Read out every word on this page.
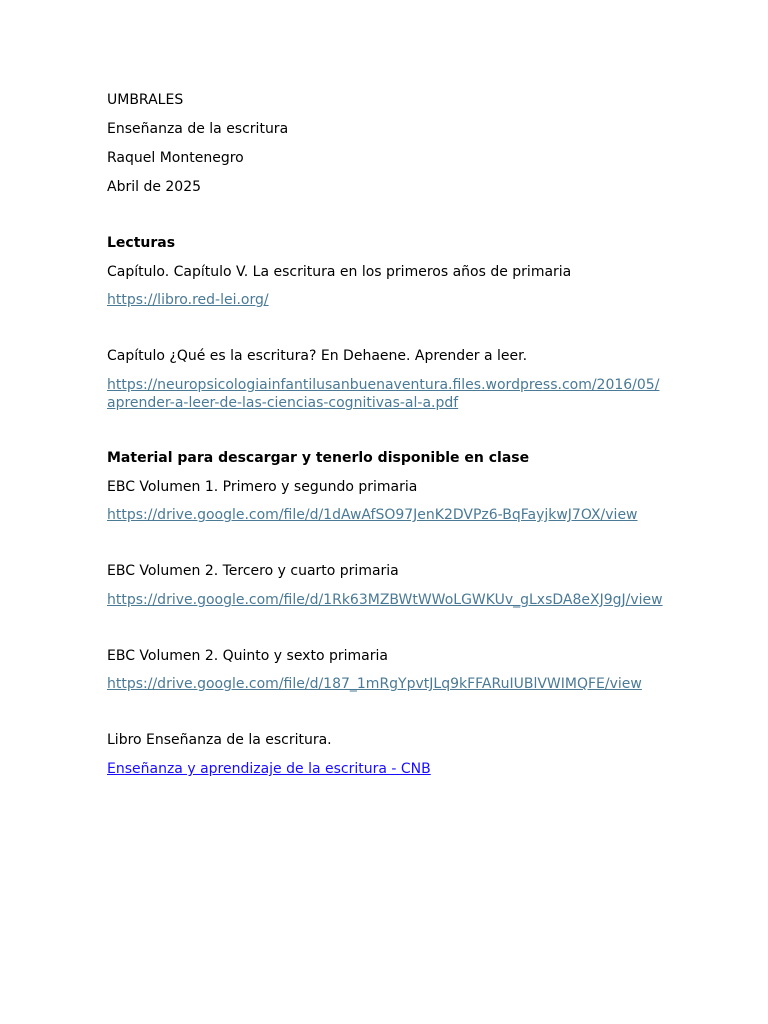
UMBRALES
Enseñanza de la escritura
Raquel Montenegro
Abril de 2025
Lecturas
Capítulo. Capítulo V. La escritura en los primeros años de primaria
https://libro.red-lei.org/
Capítulo ¿Qué es la escritura? En Dehaene. Aprender a leer.
https://neuropsicologiainfantilusanbuenaventura.files.wordpress.com/2016/05/
aprender-a-leer-de-las-ciencias-cognitivas-al-a.pdf
Material para descargar y tenerlo disponible en clase
EBC Volumen 1. Primero y segundo primaria
https://drive.google.com/file/d/1dAwAfSO97JenK2DVPz6-BqFayjkwJ7OX/view
EBC Volumen 2. Tercero y cuarto primaria
https://drive.google.com/file/d/1Rk63MZBWtWWoLGWKUv_gLxsDA8eXJ9gJ/view
EBC Volumen 2. Quinto y sexto primaria
https://drive.google.com/file/d/187_1mRgYpvtJLq9kFFARuIUBlVWIMQFE/view
Libro Enseñanza de la escritura.
Enseñanza y aprendizaje de la escritura - CNB
